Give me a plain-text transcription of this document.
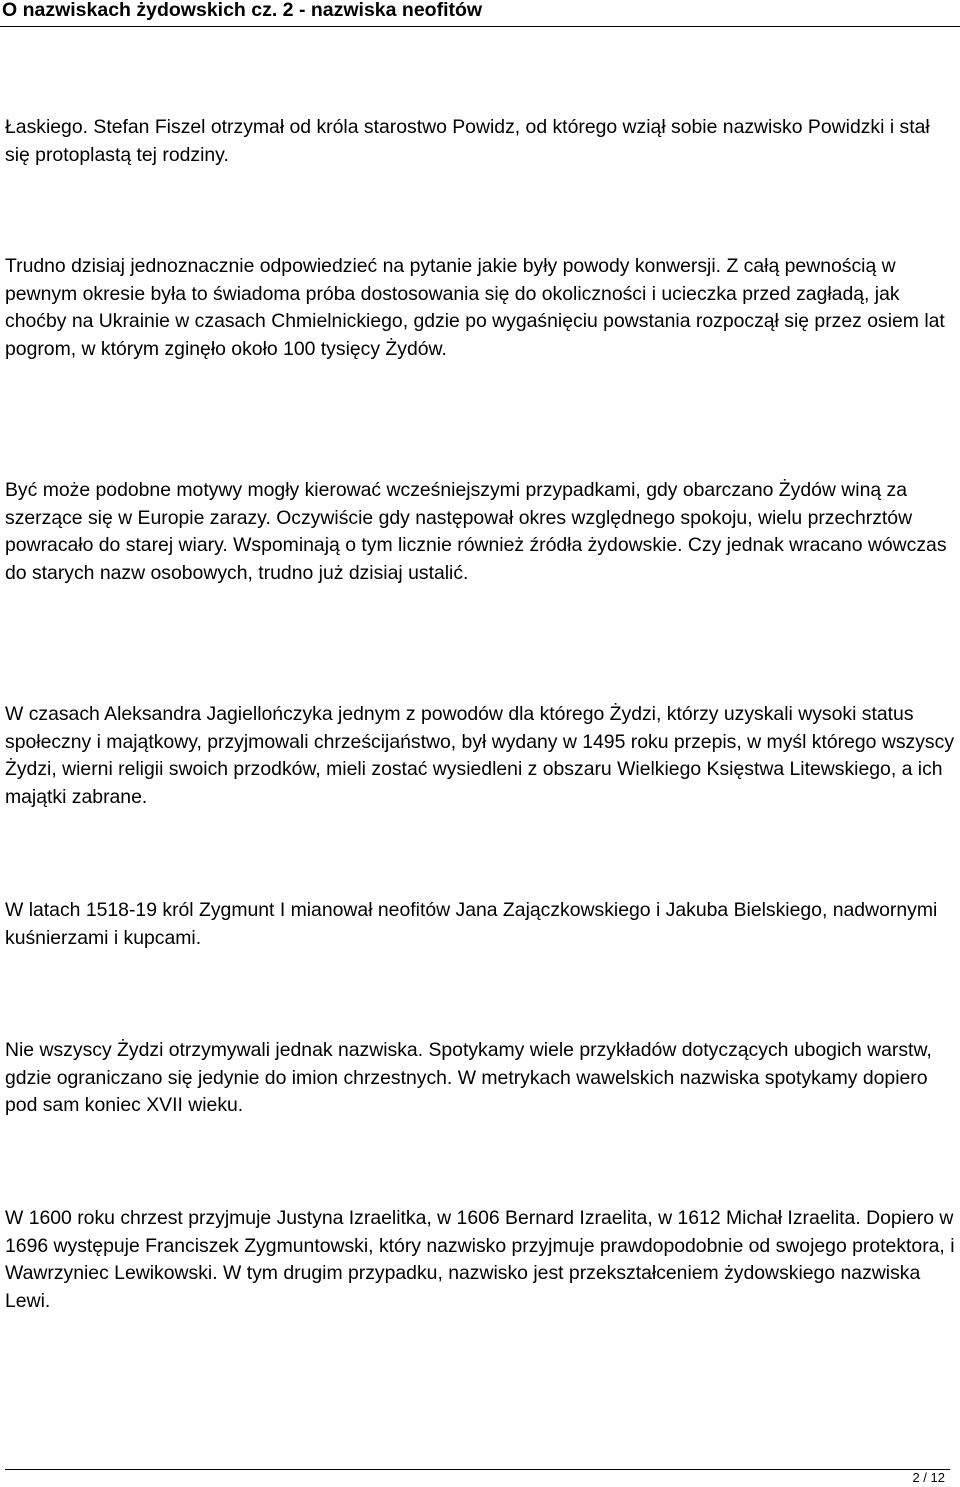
O nazwiskach żydowskich cz. 2 - nazwiska neofitów

Łaskiego. Stefan Fiszel otrzymał od króla starostwo Powidz, od którego wziął sobie nazwisko Powidzki i stał się protoplastą tej rodziny.

Trudno dzisiaj jednoznacznie odpowiedzieć na pytanie jakie były powody konwersji. Z całą pewnością w pewnym okresie była to świadoma próba dostosowania się do okoliczności i ucieczka przed zagładą, jak choćby na Ukrainie w czasach Chmielnickiego, gdzie po wygaśnięciu powstania rozpoczął się przez osiem lat pogrom, w którym zginęło około 100 tysięcy Żydów.

Być może podobne motywy mogły kierować wcześniejszymi przypadkami, gdy obarczano Żydów winą za szerzące się w Europie zarazy. Oczywiście gdy następował okres względnego spokoju, wielu przechrztów powracało do starej wiary. Wspominają o tym licznie również źródła żydowskie. Czy jednak wracano wówczas do starych nazw osobowych, trudno już dzisiaj ustalić.

W czasach Aleksandra Jagiellończyka jednym z powodów dla którego Żydzi, którzy uzyskali wysoki status społeczny i majątkowy, przyjmowali chrześcijaństwo, był wydany w 1495 roku przepis, w myśl którego wszyscy Żydzi, wierni religii swoich przodków, mieli zostać wysiedleni z obszaru Wielkiego Księstwa Litewskiego, a ich majątki zabrane.

W latach 1518-19 król Zygmunt I mianował neofitów Jana Zajączkowskiego i Jakuba Bielskiego, nadwornymi kuśnierzami i kupcami.

Nie wszyscy Żydzi otrzymywali jednak nazwiska. Spotykamy wiele przykładów dotyczących ubogich warstw, gdzie ograniczano się jedynie do imion chrzestnych. W metrykach wawelskich nazwiska spotykamy dopiero pod sam koniec XVII wieku.

W 1600 roku chrzest przyjmuje Justyna Izraelitka, w 1606 Bernard Izraelita, w 1612 Michał Izraelita. Dopiero w 1696 występuje Franciszek Zygmuntowski, który nazwisko przyjmuje prawdopodobnie od swojego protektora, i Wawrzyniec Lewikowski. W tym drugim przypadku, nazwisko jest przekształceniem żydowskiego nazwiska Lewi.

2 / 12
